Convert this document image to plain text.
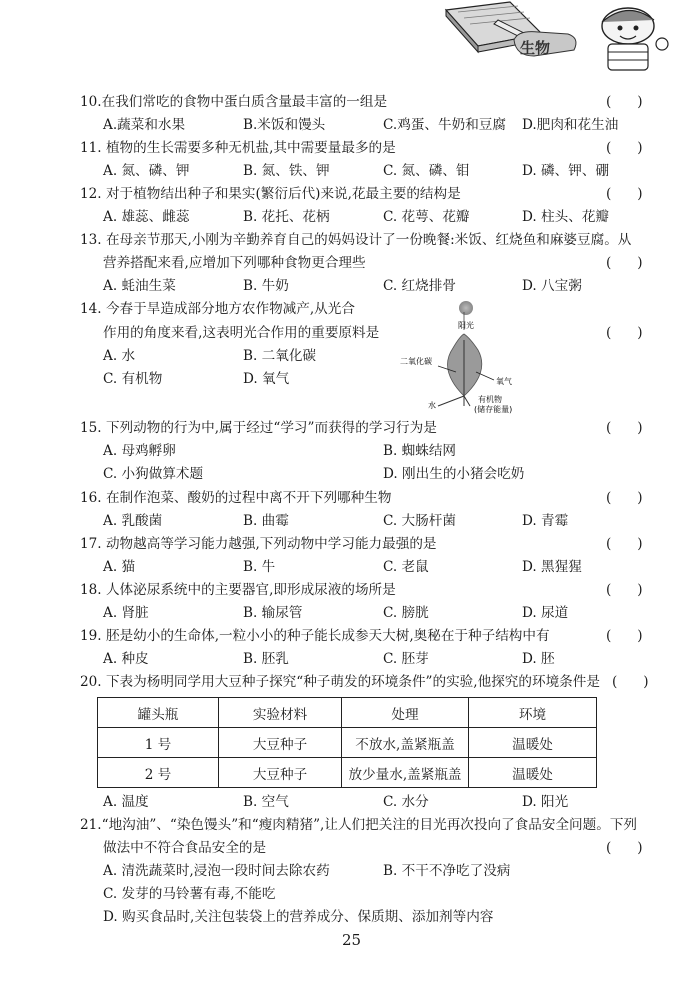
生物
10.在我们常吃的食物中蛋白质含量最丰富的一组是	(      )
A.蔬菜和水果	B.米饭和馒头	C.鸡蛋、牛奶和豆腐 D.肥肉和花生油
11. 植物的生长需要多种无机盐,其中需要量最多的是	(      )
A. 氮、磷、钾	B. 氮、铁、钾	C. 氮、磷、钼	D. 磷、钾、硼
12. 对于植物结出种子和果实(繁衍后代)来说,花最主要的结构是	(      )
A. 雄蕊、雌蕊	B. 花托、花柄	C. 花萼、花瓣	D. 柱头、花瓣
13. 在母亲节那天,小刚为辛勤养育自己的妈妈设计了一份晚餐:米饭、红烧鱼和麻婆豆腐。从
营养搭配来看,应增加下列哪种食物更合理些	(      )
A. 蚝油生菜	B. 牛奶	C. 红烧排骨	D. 八宝粥
14. 今春于旱造成部分地方农作物减产,从光合
作用的角度来看,这表明光合作用的重要原料是	(      )
A. 水	B. 二氧化碳
C. 有机物	D. 氧气
阳光
二氧化碳
氧气
水
有机物
(储存能量)
15. 下列动物的行为中,属于经过“学习”而获得的学习行为是	(      )
A. 母鸡孵卵	B. 蜘蛛结网
C. 小狗做算术题	D. 刚出生的小猪会吃奶
16. 在制作泡菜、酸奶的过程中离不开下列哪种生物	(      )
A. 乳酸菌	B. 曲霉	C. 大肠杆菌	D. 青霉
17. 动物越高等学习能力越强,下列动物中学习能力最强的是	(      )
A. 猫	B. 牛	C. 老鼠	D. 黑猩猩
18. 人体泌尿系统中的主要器官,即形成尿液的场所是	(      )
A. 肾脏	B. 输尿管	C. 膀胱	D. 尿道
19. 胚是幼小的生命体,一粒小小的种子能长成参天大树,奥秘在于种子结构中有	(      )
A. 种皮	B. 胚乳	C. 胚芽	D. 胚
20. 下表为杨明同学用大豆种子探究“种子萌发的环境条件”的实验,他探究的环境条件是 (      )
罐头瓶	实验材料	处理	环境
1 号	大豆种子	不放水,盖紧瓶盖	温暖处
2 号	大豆种子	放少量水,盖紧瓶盖	温暖处
A. 温度	B. 空气	C. 水分	D. 阳光
21.“地沟油”、“染色馒头”和“瘦肉精猪”,让人们把关注的目光再次投向了食品安全问题。下列
做法中不符合食品安全的是	(      )
A. 清洗蔬菜时,浸泡一段时间去除农药	B. 不干不净吃了没病
C. 发芽的马铃薯有毒,不能吃
D. 购买食品时,关注包装袋上的营养成分、保质期、添加剂等内容
25
